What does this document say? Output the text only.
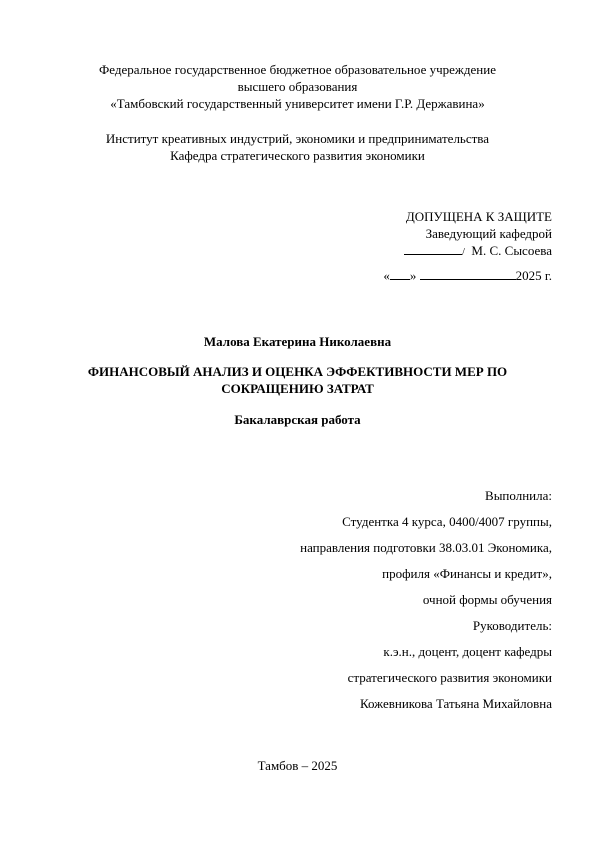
Федеральное государственное бюджетное образовательное учреждение
высшего образования
«Тамбовский государственный университет имени Г.Р. Державина»
Институт креативных индустрий, экономики и предпринимательства
Кафедра стратегического развития экономики
ДОПУЩЕНА К ЗАЩИТЕ
Заведующий кафедрой
/ М. С. Сысоева
« »	2025 г.
Малова Екатерина Николаевна
ФИНАНСОВЫЙ АНАЛИЗ И ОЦЕНКА ЭФФЕКТИВНОСТИ МЕР ПО
СОКРАЩЕНИЮ ЗАТРАТ
Бакалаврская работа
Выполнила:
Студентка 4 курса, 0400/4007 группы,
направления подготовки 38.03.01 Экономика,
профиля «Финансы и кредит»,
очной формы обучения
Руководитель:
к.э.н., доцент, доцент кафедры
стратегического развития экономики
Кожевникова Татьяна Михайловна
Тамбов – 2025
